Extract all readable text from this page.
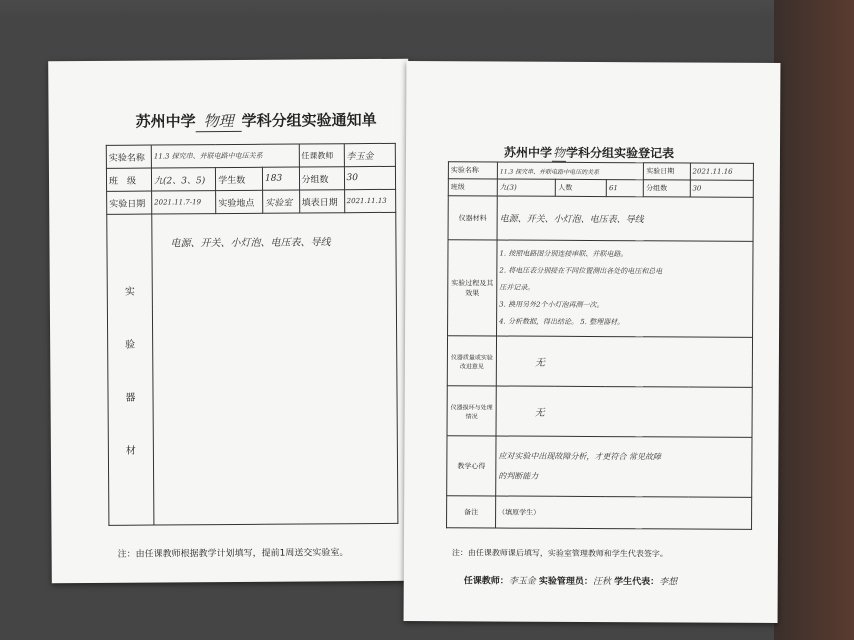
苏州中学 物理 学科分组实验通知单
实验名称	11.3 探究串、并联电路中电压关系			任课教师	李玉金
班　级	九(2、3、5)	学生数	183	分组数	30
实验日期	2021.11.7-19	实验地点	实验室	填表日期	2021.11.13

实
验
器
材	电源、开关、小灯泡、电压表、导线				
注：由任课教师根据教学计划填写，提前1周送交实验室。
苏州中学物学科分组实验登记表
实验名称	11.3 探究串、并联电路中电压的关系			实验日期	2021.11.16
班级	九(3)	人数	61	分组数	30
仪器材料	电源、开关、小灯泡、电压表、导线				
实验过程及其效果	1. 按照电路图分别连接串联、并联电路。
2. 将电压表分别接在不同位置测出各处的电压和总电
压并记录。
3. 换用另外2个小灯泡再测一次。
4. 分析数据，得出结论。 5. 整理器材。				

仪器质量或实验改进意见	无				
仪器损坏与处理情况	无				
教学心得	应对实验中出现故障分析，才更符合 常见故障
的判断能力				

备注	（填原学生）				
注：由任课教师课后填写，实验室管理教师和学生代表签字。
任课教师：李玉金 实验管理员：汪秋 学生代表：李想
